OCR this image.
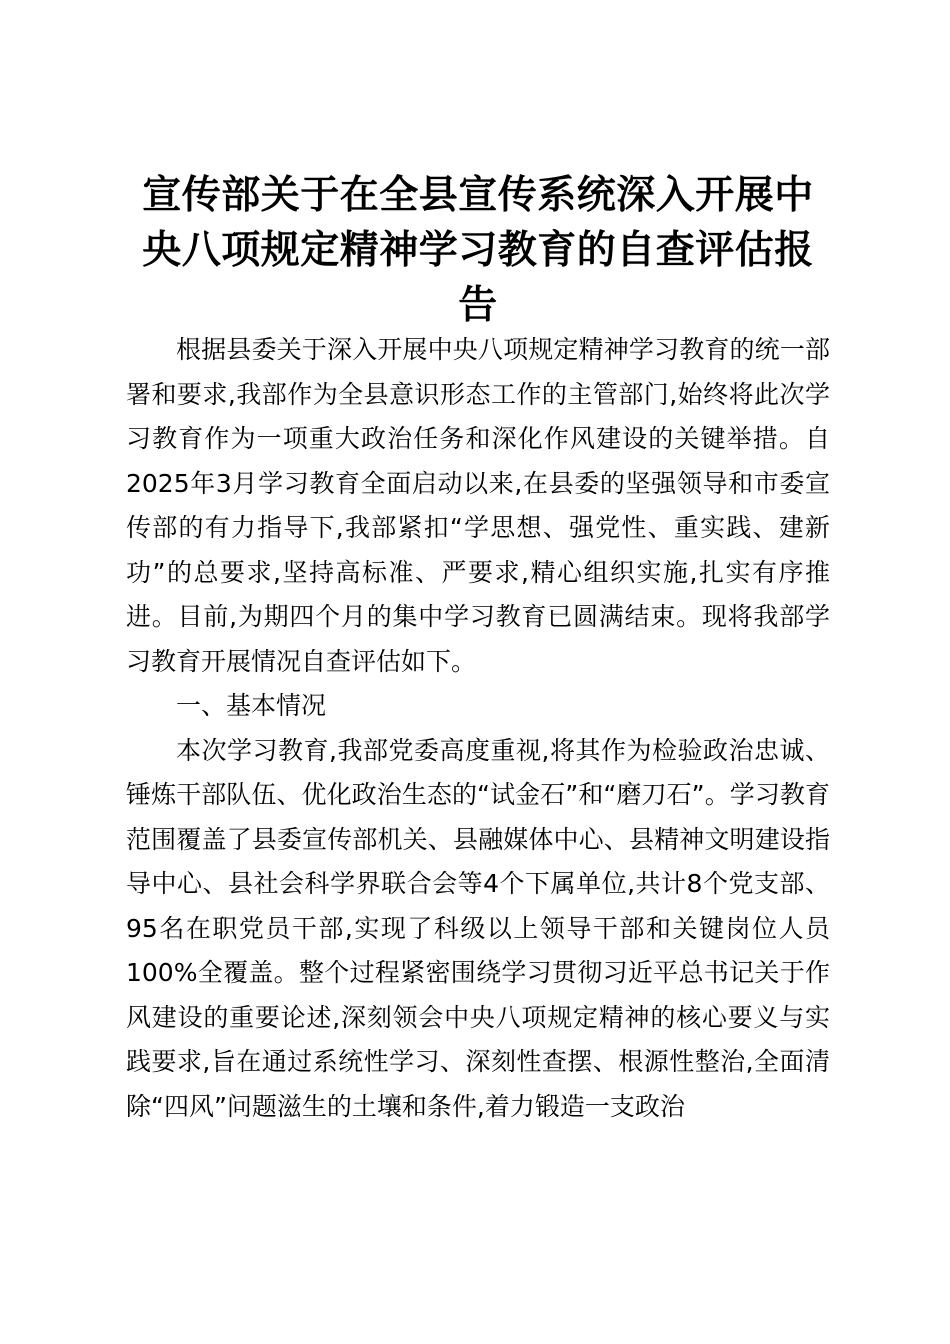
宣传部关于在全县宣传系统深入开展中央八项规定精神学习教育的自查评估报告

根据县委关于深入开展中央八项规定精神学习教育的统一部署和要求,我部作为全县意识形态工作的主管部门,始终将此次学习教育作为一项重大政治任务和深化作风建设的关键举措。自2025年3月学习教育全面启动以来,在县委的坚强领导和市委宣传部的有力指导下,我部紧扣“学思想、强党性、重实践、建新功”的总要求,坚持高标准、严要求,精心组织实施,扎实有序推进。目前,为期四个月的集中学习教育已圆满结束。现将我部学习教育开展情况自查评估如下。

一、基本情况

本次学习教育,我部党委高度重视,将其作为检验政治忠诚、锤炼干部队伍、优化政治生态的“试金石”和“磨刀石”。学习教育范围覆盖了县委宣传部机关、县融媒体中心、县精神文明建设指导中心、县社会科学界联合会等4个下属单位,共计8个党支部、95名在职党员干部,实现了科级以上领导干部和关键岗位人员100%全覆盖。整个过程紧密围绕学习贯彻习近平总书记关于作风建设的重要论述,深刻领会中央八项规定精神的核心要义与实践要求,旨在通过系统性学习、深刻性查摆、根源性整治,全面清除“四风”问题滋生的土壤和条件,着力锻造一支政治
